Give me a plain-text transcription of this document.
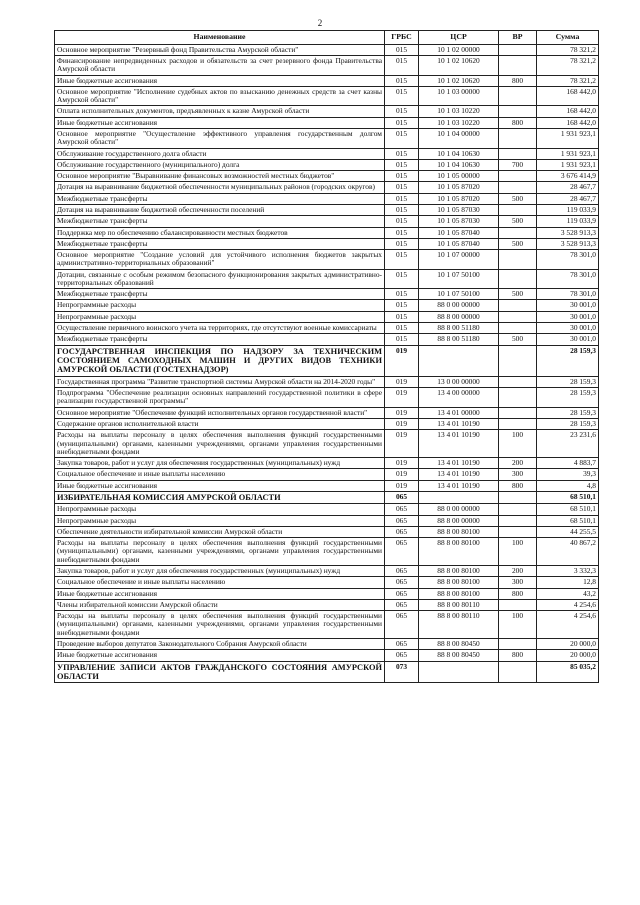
2
Наименование	ГРБС	ЦСР	ВР	Сумма
Основное мероприятие "Резервный фонд Правительства Амурской области"	015	10 1 02 00000		78 321,2
Финансирование непредвиденных расходов и обязательств за счет резервного фонда Правительства Амурской области	015	10 1 02 10620		78 321,2
Иные бюджетные ассигнования	015	10 1 02 10620	800	78 321,2
Основное мероприятие "Исполнение судебных актов по взысканию денежных средств за счет казны Амурской области"	015	10 1 03 00000		168 442,0
Оплата исполнительных документов, предъявленных к казне Амурской области	015	10 1 03 10220		168 442,0
Иные бюджетные ассигнования	015	10 1 03 10220	800	168 442,0
Основное мероприятие "Осуществление эффективного управления государственным долгом Амурской области"	015	10 1 04 00000		1 931 923,1
Обслуживание государственного долга области	015	10 1 04 10630		1 931 923,1
Обслуживание государственного (муниципального) долга	015	10 1 04 10630	700	1 931 923,1
Основное мероприятие "Выравнивание финансовых возможностей местных бюджетов"	015	10 1 05 00000		3 676 414,9
Дотация на выравнивание бюджетной обеспеченности муниципальных районов (городских округов)	015	10 1 05 87020		28 467,7
Межбюджетные трансферты	015	10 1 05 87020	500	28 467,7
Дотация на выравнивание бюджетной обеспеченности поселений	015	10 1 05 87030		119 033,9
Межбюджетные трансферты	015	10 1 05 87030	500	119 033,9
Поддержка мер по обеспечению сбалансированности местных бюджетов	015	10 1 05 87040		3 528 913,3
Межбюджетные трансферты	015	10 1 05 87040	500	3 528 913,3
Основное мероприятие "Создание условий для устойчивого исполнения бюджетов закрытых административно-территориальных образований"	015	10 1 07 00000		78 301,0
Дотации, связанные с особым режимом безопасного функционирования закрытых административно-территориальных образований	015	10 1 07 50100		78 301,0
Межбюджетные трансферты	015	10 1 07 50100	500	78 301,0
Непрограммные расходы	015	88 0 00 00000		30 001,0
Непрограммные расходы	015	88 8 00 00000		30 001,0
Осуществление первичного воинского учета на территориях, где отсутствуют военные комиссариаты	015	88 8 00 51180		30 001,0
Межбюджетные трансферты	015	88 8 00 51180	500	30 001,0
ГОСУДАРСТВЕННАЯ ИНСПЕКЦИЯ ПО НАДЗОРУ ЗА ТЕХНИЧЕСКИМ СОСТОЯНИЕМ САМОХОДНЫХ МАШИН И ДРУГИХ ВИДОВ ТЕХНИКИ АМУРСКОЙ ОБЛАСТИ (ГОСТЕХНАДЗОР)	019			28 159,3
Государственная программа "Развитие транспортной системы Амурской области на 2014-2020 годы"	019	13 0 00 00000		28 159,3
Подпрограмма "Обеспечение реализации основных направлений государственной политики в сфере реализации государственной программы"	019	13 4 00 00000		28 159,3
Основное мероприятие "Обеспечение функций исполнительных органов государственной власти"	019	13 4 01 00000		28 159,3
Содержание органов исполнительной власти	019	13 4 01 10190		28 159,3
Расходы на выплаты персоналу в целях обеспечения выполнения функций государственными (муниципальными) органами, казенными учреждениями, органами управления государственными внебюджетными фондами	019	13 4 01 10190	100	23 231,6
Закупка товаров, работ и услуг для обеспечения государственных (муниципальных) нужд	019	13 4 01 10190	200	4 883,7
Социальное обеспечение и иные выплаты населению	019	13 4 01 10190	300	39,3
Иные бюджетные ассигнования	019	13 4 01 10190	800	4,8
ИЗБИРАТЕЛЬНАЯ КОМИССИЯ АМУРСКОЙ ОБЛАСТИ	065			68 510,1
Непрограммные расходы	065	88 0 00 00000		68 510,1
Непрограммные расходы	065	88 8 00 00000		68 510,1
Обеспечение деятельности избирательной комиссии Амурской области	065	88 8 00 80100		44 255,5
Расходы на выплаты персоналу в целях обеспечения выполнения функций государственными (муниципальными) органами, казенными учреждениями, органами управления государственными внебюджетными фондами	065	88 8 00 80100	100	40 867,2
Закупка товаров, работ и услуг для обеспечения государственных (муниципальных) нужд	065	88 8 00 80100	200	3 332,3
Социальное обеспечение и иные выплаты населению	065	88 8 00 80100	300	12,8
Иные бюджетные ассигнования	065	88 8 00 80100	800	43,2
Члены избирательной комиссии Амурской области	065	88 8 00 80110		4 254,6
Расходы на выплаты персоналу в целях обеспечения выполнения функций государственными (муниципальными) органами, казенными учреждениями, органами управления государственными внебюджетными фондами	065	88 8 00 80110	100	4 254,6
Проведение выборов депутатов Законодательного Собрания Амурской области	065	88 8 00 80450		20 000,0
Иные бюджетные ассигнования	065	88 8 00 80450	800	20 000,0
УПРАВЛЕНИЕ ЗАПИСИ АКТОВ ГРАЖДАНСКОГО СОСТОЯНИЯ АМУРСКОЙ ОБЛАСТИ	073			85 035,2
